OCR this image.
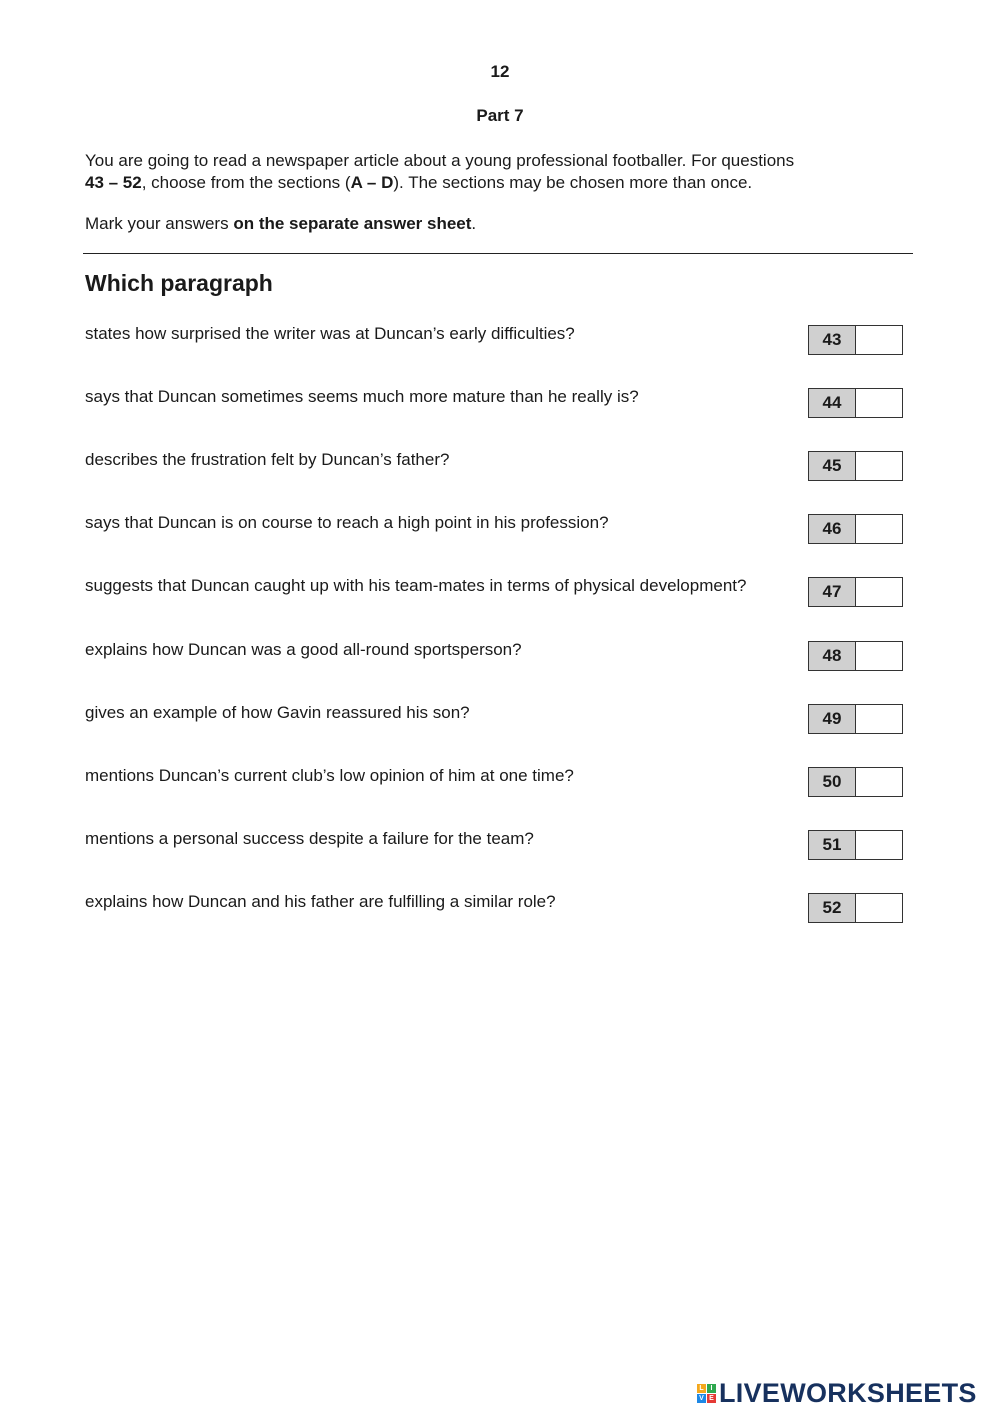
12
Part 7

You are going to read a newspaper article about a young professional footballer. For questions

43 – 52, choose from the sections (A – D). The sections may be chosen more than once.

Mark your answers on the separate answer sheet.
Which paragraph
states how surprised the writer was at Duncan’s early difficulties?	43
says that Duncan sometimes seems much more mature than he really is?	44
describes the frustration felt by Duncan’s father?	45
says that Duncan is on course to reach a high point in his profession?	46
suggests that Duncan caught up with his team-mates in terms of physical development?	47
explains how Duncan was a good all-round sportsperson?	48
gives an example of how Gavin reassured his son?	49
mentions Duncan’s current club’s low opinion of him at one time?	50
mentions a personal success despite a failure for the team?	51
explains how Duncan and his father are fulfilling a similar role?	52
L I
V E LIVEWORKSHEETS
